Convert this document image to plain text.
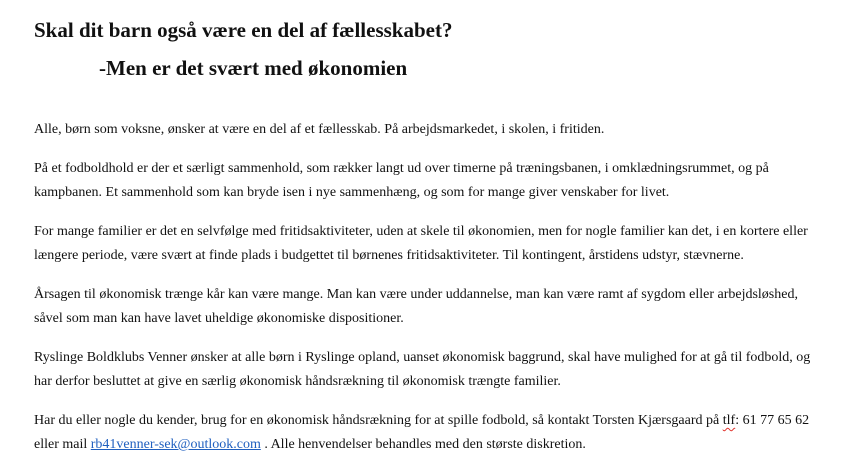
Skal dit barn også være en del af fællesskabet?
-Men er det svært med økonomien

Alle, børn som voksne, ønsker at være en del af et fællesskab. På arbejdsmarkedet, i skolen, i fritiden.

På et fodboldhold er der et særligt sammenhold, som rækker langt ud over timerne på træningsbanen, i omklædningsrummet, og på kampbanen. Et sammenhold som kan bryde isen i nye sammenhæng, og som for mange giver venskaber for livet.

For mange familier er det en selvfølge med fritidsaktiviteter, uden at skele til økonomien, men for nogle familier kan det, i en kortere eller længere periode, være svært at finde plads i budgettet til børnenes fritidsaktiviteter. Til kontingent, årstidens udstyr, stævnerne.

Årsagen til økonomisk trænge kår kan være mange. Man kan være under uddannelse, man kan være ramt af sygdom eller arbejdsløshed, såvel som man kan have lavet uheldige økonomiske dispositioner.

Ryslinge Boldklubs Venner ønsker at alle børn i Ryslinge opland, uanset økonomisk baggrund, skal have mulighed for at gå til fodbold, og har derfor besluttet at give en særlig økonomisk håndsrækning til økonomisk trængte familier.

Har du eller nogle du kender, brug for en økonomisk håndsrækning for at spille fodbold, så kontakt Torsten Kjærsgaard på tlf: 61 77 65 62 eller mail rb41venner-sek@outlook.com . Alle henvendelser behandles med den største diskretion.
